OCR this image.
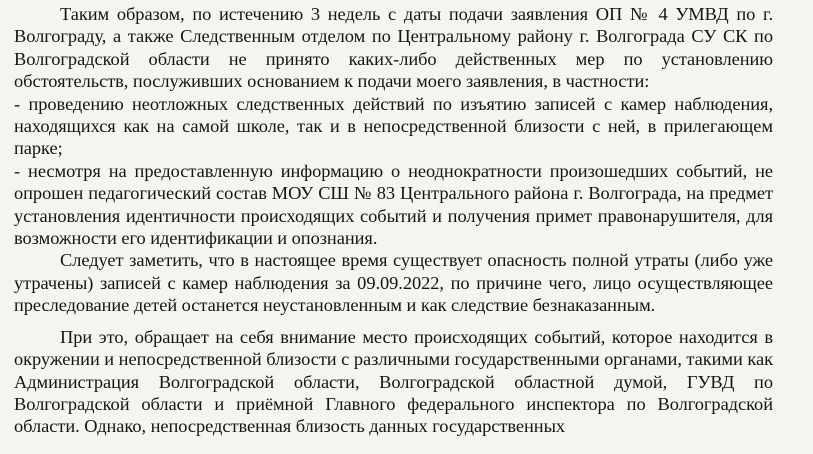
Таким образом, по истечению 3 недель с даты подачи заявления ОП № 4 УМВД по г. Волгограду, а также Следственным отделом по Центральному району г. Волгограда СУ СК по Волгоградской области не принято каких-либо действенных мер по установлению обстоятельств, послуживших основанием к подачи моего заявления, в частности:

- проведению неотложных следственных действий по изъятию записей с камер наблюдения, находящихся как на самой школе, так и в непосредственной близости с ней, в прилегающем парке;

- несмотря на предоставленную информацию о неоднократности произошедших событий, не опрошен педагогический состав МОУ СШ № 83 Центрального района г. Волгограда, на предмет установления идентичности происходящих событий и получения примет правонарушителя, для возможности его идентификации и опознания.

Следует заметить, что в настоящее время существует опасность полной утраты (либо уже утрачены) записей с камер наблюдения за 09.09.2022, по причине чего, лицо осуществляющее преследование детей останется неустановленным и как следствие безнаказанным.

При это, обращает на себя внимание место происходящих событий, которое находится в окружении и непосредственной близости с различными государственными органами, такими как Администрация Волгоградской области, Волгоградской областной думой, ГУВД по Волгоградской области и приёмной Главного федерального инспектора по Волгоградской области. Однако, непосредственная близость данных государственных
